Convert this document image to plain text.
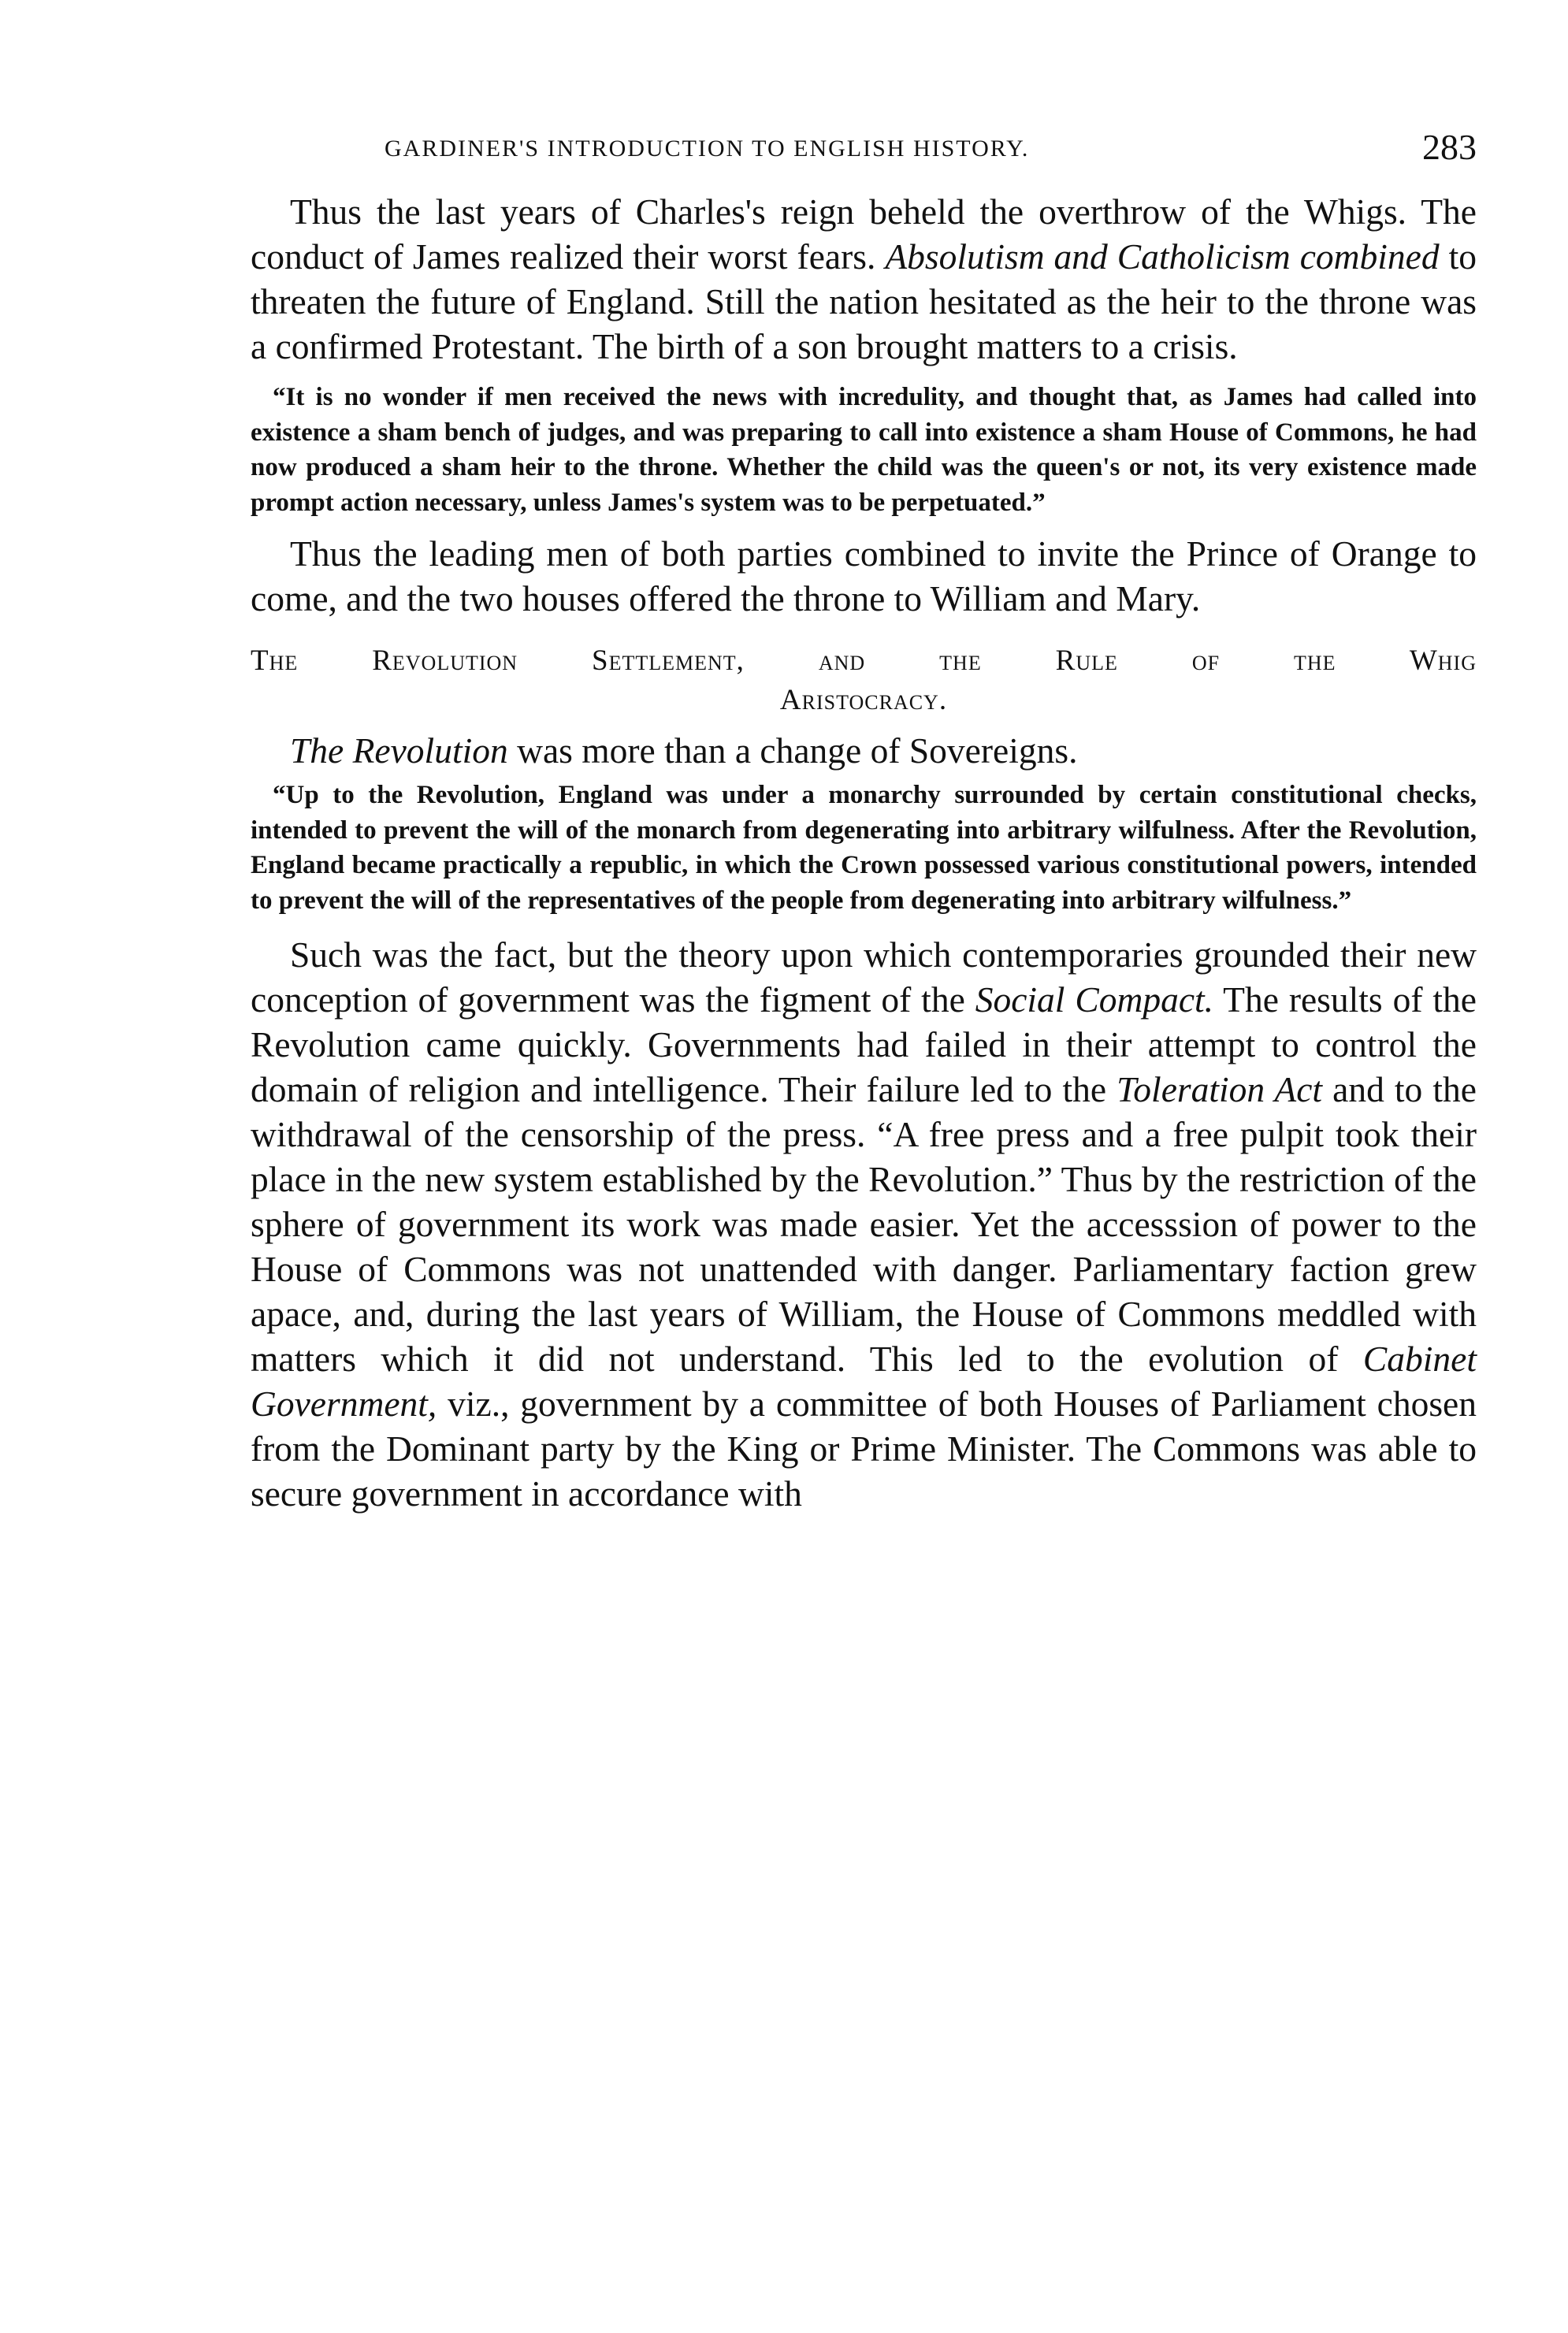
GARDINER'S INTRODUCTION TO ENGLISH HISTORY.	283

Thus the last years of Charles's reign beheld the overthrow of the Whigs. The conduct of James realized their worst fears. Absolutism and Catholicism combined to threaten the future of England. Still the nation hesitated as the heir to the throne was a confirmed Protestant. The birth of a son brought matters to a crisis.

“It is no wonder if men received the news with incredulity, and thought that, as James had called into existence a sham bench of judges, and was preparing to call into existence a sham House of Commons, he had now produced a sham heir to the throne. Whether the child was the queen's or not, its very existence made prompt action necessary, unless James's system was to be perpetuated.”

Thus the leading men of both parties combined to invite the Prince of Orange to come, and the two houses offered the throne to William and Mary.

The Revolution Settlement, and the Rule of the Whig
Aristocracy.

The Revolution was more than a change of Sovereigns.

“Up to the Revolution, England was under a monarchy surrounded by certain constitutional checks, intended to prevent the will of the monarch from degenerating into arbitrary wilfulness. After the Revolution, England became practically a republic, in which the Crown possessed various constitutional powers, intended to prevent the will of the representatives of the people from degenerating into arbitrary wilfulness.”

Such was the fact, but the theory upon which contemporaries grounded their new conception of government was the figment of the Social Compact. The results of the Revolution came quickly. Governments had failed in their attempt to control the domain of religion and intelligence. Their failure led to the Toleration Act and to the withdrawal of the censorship of the press. “A free press and a free pulpit took their place in the new system established by the Revolution.” Thus by the restriction of the sphere of government its work was made easier. Yet the accesssion of power to the House of Commons was not unattended with danger. Parliamentary faction grew apace, and, during the last years of William, the House of Commons meddled with matters which it did not understand. This led to the evolution of Cabinet Government, viz., government by a committee of both Houses of Parliament chosen from the Dominant party by the King or Prime Minister. The Commons was able to secure government in accordance with
